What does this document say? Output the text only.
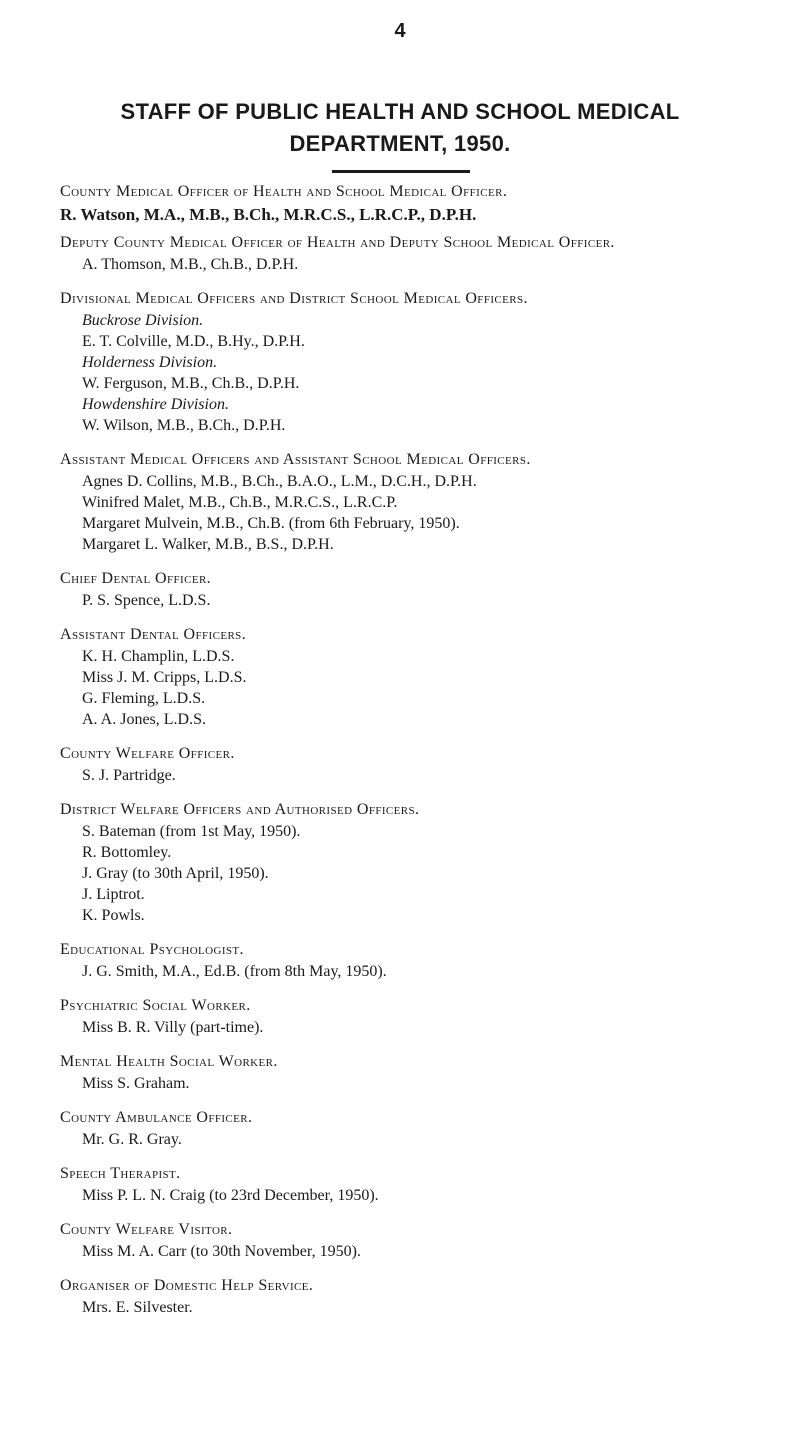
4
STAFF OF PUBLIC HEALTH AND SCHOOL MEDICAL
DEPARTMENT, 1950.
County Medical Officer of Health and School Medical Officer.
R. Watson, M.A., M.B., B.Ch., M.R.C.S., L.R.C.P., D.P.H.
Deputy County Medical Officer of Health and Deputy School Medical Officer.
A. Thomson, M.B., Ch.B., D.P.H.
Divisional Medical Officers and District School Medical Officers.
Buckrose Division.
E. T. Colville, M.D., B.Hy., D.P.H.
Holderness Division.
W. Ferguson, M.B., Ch.B., D.P.H.
Howdenshire Division.
W. Wilson, M.B., B.Ch., D.P.H.
Assistant Medical Officers and Assistant School Medical Officers.
Agnes D. Collins, M.B., B.Ch., B.A.O., L.M., D.C.H., D.P.H.
Winifred Malet, M.B., Ch.B., M.R.C.S., L.R.C.P.
Margaret Mulvein, M.B., Ch.B. (from 6th February, 1950).
Margaret L. Walker, M.B., B.S., D.P.H.
Chief Dental Officer.
P. S. Spence, L.D.S.
Assistant Dental Officers.
K. H. Champlin, L.D.S.
Miss J. M. Cripps, L.D.S.
G. Fleming, L.D.S.
A. A. Jones, L.D.S.
County Welfare Officer.
S. J. Partridge.
District Welfare Officers and Authorised Officers.
S. Bateman (from 1st May, 1950).
R. Bottomley.
J. Gray (to 30th April, 1950).
J. Liptrot.
K. Powls.
Educational Psychologist.
J. G. Smith, M.A., Ed.B. (from 8th May, 1950).
Psychiatric Social Worker.
Miss B. R. Villy (part-time).
Mental Health Social Worker.
Miss S. Graham.
County Ambulance Officer.
Mr. G. R. Gray.
Speech Therapist.
Miss P. L. N. Craig (to 23rd December, 1950).
County Welfare Visitor.
Miss M. A. Carr (to 30th November, 1950).
Organiser of Domestic Help Service.
Mrs. E. Silvester.
